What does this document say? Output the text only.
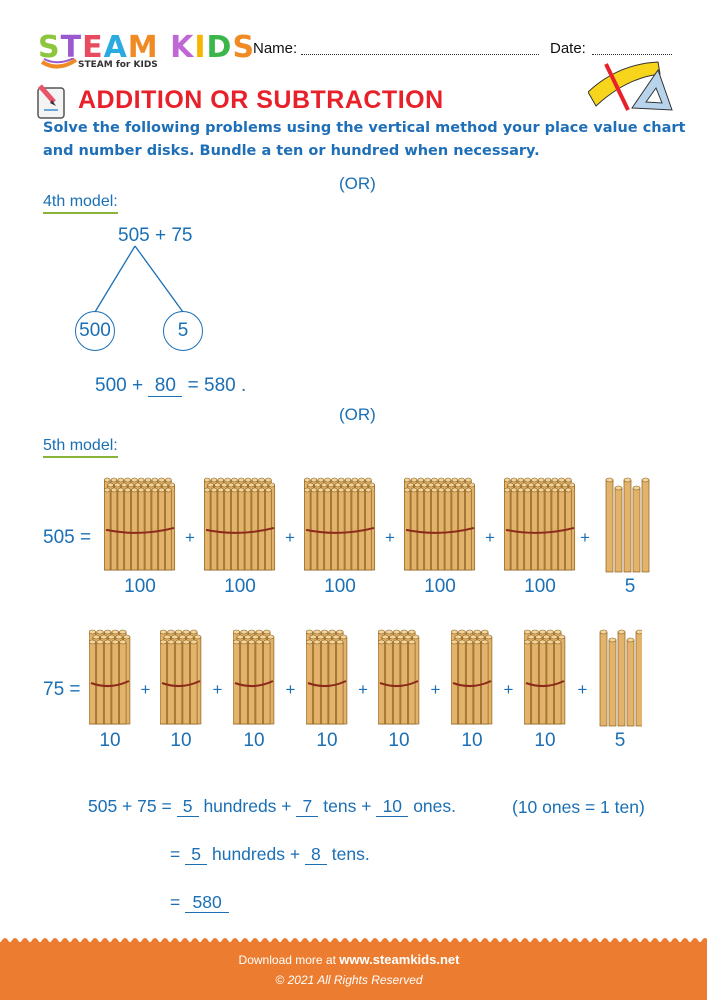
STEAM KIDS
STEAM for KIDS
Name:	Date:
ADDITION OR SUBTRACTION
Solve the following problems using the vertical method your place value chart
and number disks. Bundle a ten or hundred when necessary.
(OR)
4th model:
505 + 75
500	5
500 + 80 = 580 .
(OR)
5th model:
505 =
75 =
100
+
100
+
100
+
100
+
100
+
5
10
+
10
+
10
+
10
+
10
+
10
+
10
+
5
505 + 75 = 5 hundreds + 7 tens + 10 ones.	(10 ones = 1 ten)
= 5 hundreds + 8 tens.
= 580
Download more at www.steamkids.net
© 2021 All Rights Reserved
